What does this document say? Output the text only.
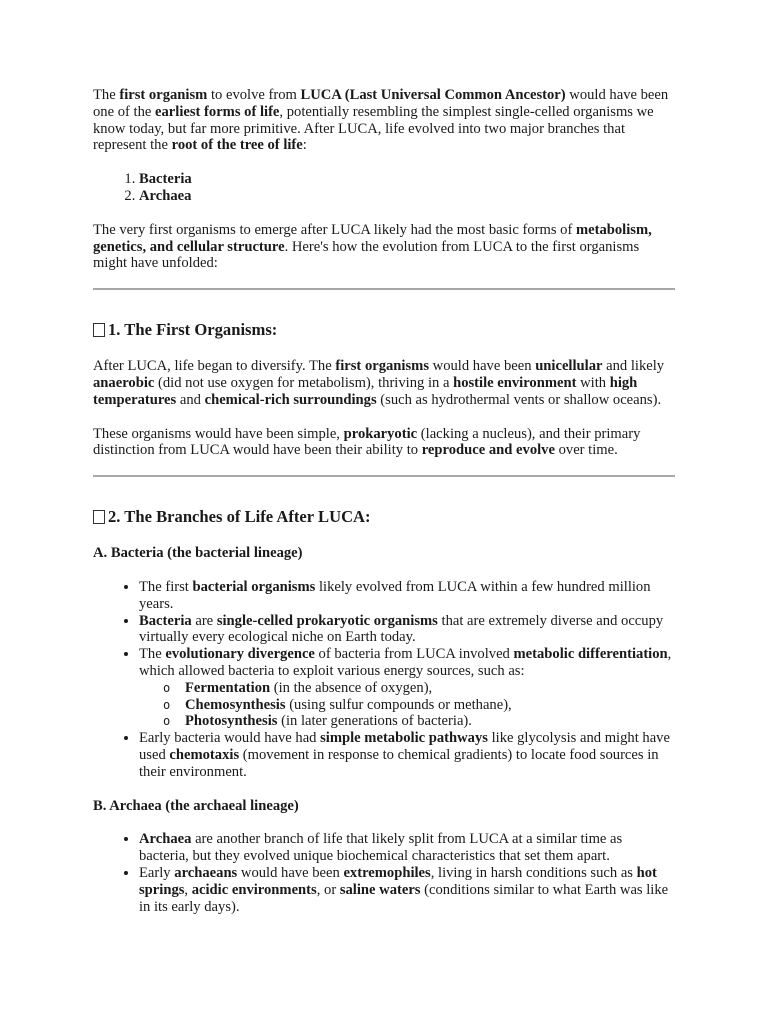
The first organism to evolve from LUCA (Last Universal Common Ancestor) would have been one of the earliest forms of life, potentially resembling the simplest single-celled organisms we know today, but far more primitive. After LUCA, life evolved into two major branches that represent the root of the tree of life:

1. Bacteria
2. Archaea

The very first organisms to emerge after LUCA likely had the most basic forms of metabolism, genetics, and cellular structure. Here's how the evolution from LUCA to the first organisms might have unfolded:

1. The First Organisms:

After LUCA, life began to diversify. The first organisms would have been unicellular and likely anaerobic (did not use oxygen for metabolism), thriving in a hostile environment with high temperatures and chemical-rich surroundings (such as hydrothermal vents or shallow oceans).

These organisms would have been simple, prokaryotic (lacking a nucleus), and their primary distinction from LUCA would have been their ability to reproduce and evolve over time.

2. The Branches of Life After LUCA:
A. Bacteria (the bacterial lineage)
• The first bacterial organisms likely evolved from LUCA within a few hundred million years.
• Bacteria are single-celled prokaryotic organisms that are extremely diverse and occupy virtually every ecological niche on Earth today.
• The evolutionary divergence of bacteria from LUCA involved metabolic differentiation, which allowed bacteria to exploit various energy sources, such as:
o Fermentation (in the absence of oxygen),
o Chemosynthesis (using sulfur compounds or methane),
o Photosynthesis (in later generations of bacteria).
• Early bacteria would have had simple metabolic pathways like glycolysis and might have used chemotaxis (movement in response to chemical gradients) to locate food sources in their environment.
B. Archaea (the archaeal lineage)
• Archaea are another branch of life that likely split from LUCA at a similar time as bacteria, but they evolved unique biochemical characteristics that set them apart.
• Early archaeans would have been extremophiles, living in harsh conditions such as hot springs, acidic environments, or saline waters (conditions similar to what Earth was like in its early days).
